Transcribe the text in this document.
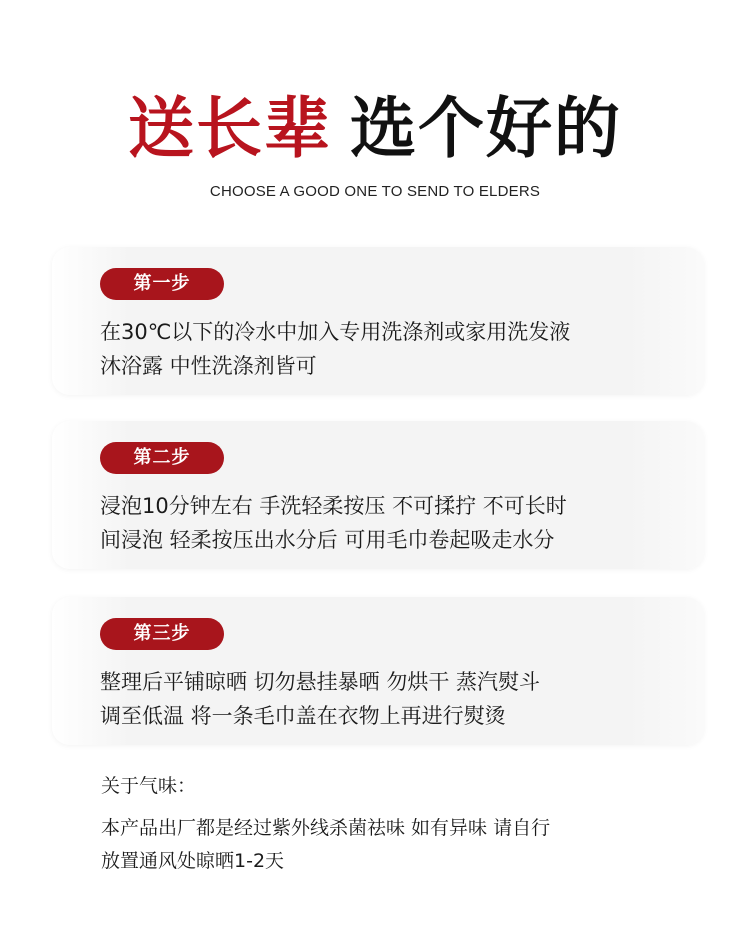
送长辈 选个好的
CHOOSE A GOOD ONE TO SEND TO ELDERS
第一步
在30℃以下的冷水中加入专用洗涤剂或家用洗发液
沐浴露 中性洗涤剂皆可
第二步
浸泡10分钟左右 手洗轻柔按压 不可揉拧 不可长时
间浸泡 轻柔按压出水分后 可用毛巾卷起吸走水分
第三步
整理后平铺晾晒 切勿悬挂暴晒 勿烘干 蒸汽熨斗
调至低温 将一条毛巾盖在衣物上再进行熨烫
关于气味：
本产品出厂都是经过紫外线杀菌祛味 如有异味 请自行
放置通风处晾晒1-2天
